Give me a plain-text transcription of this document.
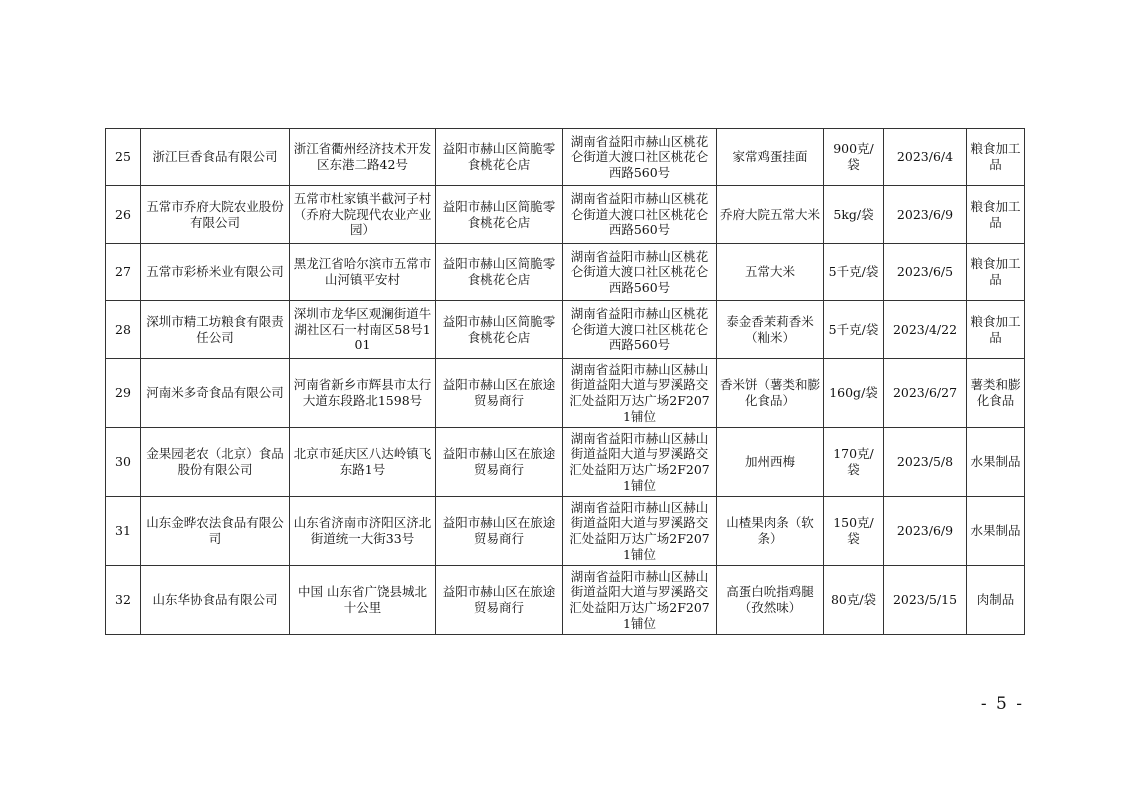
25	浙江巨香食品有限公司	浙江省衢州经济技术开发区东港二路42号	益阳市赫山区简脆零食桃花仑店	湖南省益阳市赫山区桃花仑街道大渡口社区桃花仑西路560号	家常鸡蛋挂面	900克/袋	2023/6/4	粮食加工品
26	五常市乔府大院农业股份有限公司	五常市杜家镇半截河子村（乔府大院现代农业产业园）	益阳市赫山区简脆零食桃花仑店	湖南省益阳市赫山区桃花仑街道大渡口社区桃花仑西路560号	乔府大院五常大米	5kg/袋	2023/6/9	粮食加工品
27	五常市彩桥米业有限公司	黑龙江省哈尔滨市五常市山河镇平安村	益阳市赫山区简脆零食桃花仑店	湖南省益阳市赫山区桃花仑街道大渡口社区桃花仑西路560号	五常大米	5千克/袋	2023/6/5	粮食加工品
28	深圳市精工坊粮食有限责任公司	深圳市龙华区观澜街道牛湖社区石一村南区58号101	益阳市赫山区简脆零食桃花仑店	湖南省益阳市赫山区桃花仑街道大渡口社区桃花仑西路560号	泰金香茉莉香米（籼米）	5千克/袋	2023/4/22	粮食加工品
29	河南米多奇食品有限公司	河南省新乡市辉县市太行大道东段路北1598号	益阳市赫山区在旅途贸易商行	湖南省益阳市赫山区赫山街道益阳大道与罗溪路交汇处益阳万达广场2F2071铺位	香米饼（薯类和膨化食品）	160g/袋	2023/6/27	薯类和膨化食品
30	金果园老农（北京）食品股份有限公司	北京市延庆区八达岭镇飞东路1号	益阳市赫山区在旅途贸易商行	湖南省益阳市赫山区赫山街道益阳大道与罗溪路交汇处益阳万达广场2F2071铺位	加州西梅	170克/袋	2023/5/8	水果制品
31	山东金晔农法食品有限公司	山东省济南市济阳区济北街道统一大街33号	益阳市赫山区在旅途贸易商行	湖南省益阳市赫山区赫山街道益阳大道与罗溪路交汇处益阳万达广场2F2071铺位	山楂果肉条（软条）	150克/袋	2023/6/9	水果制品
32	山东华协食品有限公司	中国 山东省广饶县城北十公里	益阳市赫山区在旅途贸易商行	湖南省益阳市赫山区赫山街道益阳大道与罗溪路交汇处益阳万达广场2F2071铺位	高蛋白吮指鸡腿（孜然味）	80克/袋	2023/5/15	肉制品
- 5 -
